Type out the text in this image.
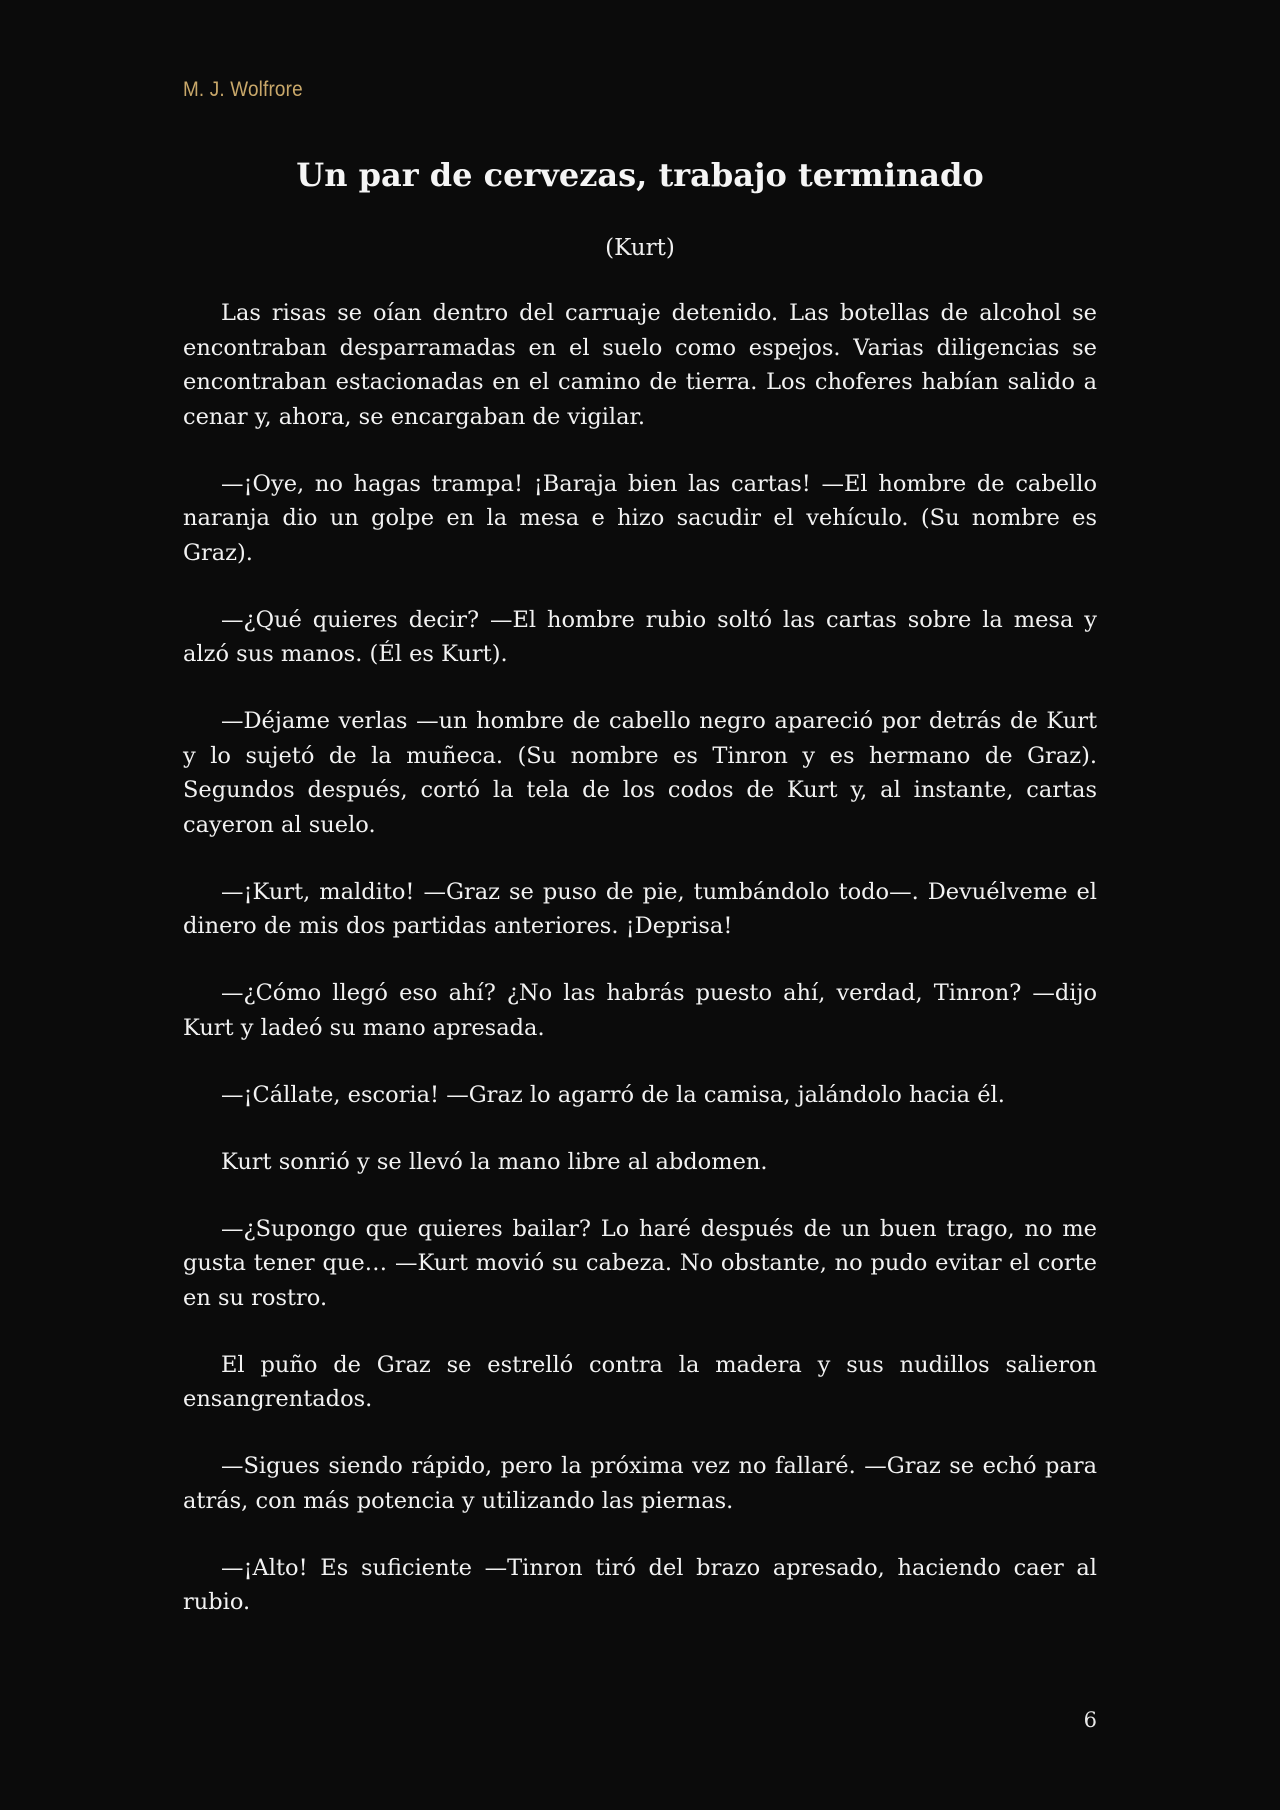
M. J. Wolfrore
Un par de cervezas, trabajo terminado

(Kurt)

Las risas se oían dentro del carruaje detenido. Las botellas de alcohol se encontraban desparramadas en el suelo como espejos. Varias diligencias se encontraban estacionadas en el camino de tierra. Los choferes habían salido a cenar y, ahora, se encargaban de vigilar.

—¡Oye, no hagas trampa! ¡Baraja bien las cartas! —El hombre de cabello naranja dio un golpe en la mesa e hizo sacudir el vehículo. (Su nombre es Graz).

—¿Qué quieres decir? —El hombre rubio soltó las cartas sobre la mesa y alzó sus manos. (Él es Kurt).

—Déjame verlas —un hombre de cabello negro apareció por detrás de Kurt y lo sujetó de la muñeca. (Su nombre es Tinron y es hermano de Graz). Segundos después, cortó la tela de los codos de Kurt y, al instante, cartas cayeron al suelo.

—¡Kurt, maldito! —Graz se puso de pie, tumbándolo todo—. Devuélveme el dinero de mis dos partidas anteriores. ¡Deprisa!

—¿Cómo llegó eso ahí? ¿No las habrás puesto ahí, verdad, Tinron? —dijo Kurt y ladeó su mano apresada.

—¡Cállate, escoria! —Graz lo agarró de la camisa, jalándolo hacia él.

Kurt sonrió y se llevó la mano libre al abdomen.

—¿Supongo que quieres bailar? Lo haré después de un buen trago, no me gusta tener que… —Kurt movió su cabeza. No obstante, no pudo evitar el corte en su rostro.

El puño de Graz se estrelló contra la madera y sus nudillos salieron ensangrentados.

—Sigues siendo rápido, pero la próxima vez no fallaré. —Graz se echó para atrás, con más potencia y utilizando las piernas.

—¡Alto! Es suficiente —Tinron tiró del brazo apresado, haciendo caer al rubio.

6
